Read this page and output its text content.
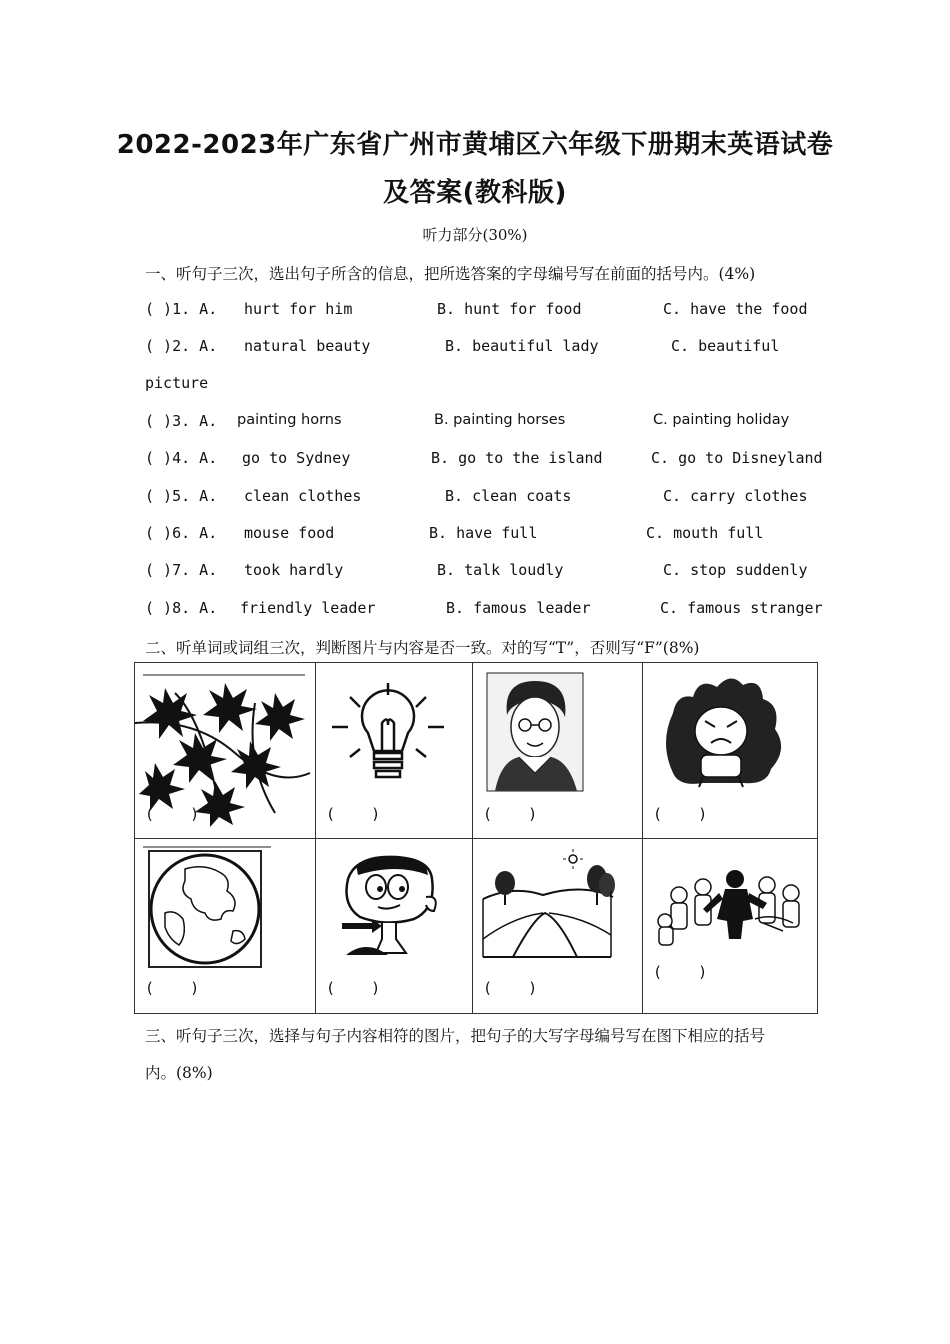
2022-2023年广东省广州市黄埔区六年级下册期末英语试卷
及答案(教科版)
听力部分(30%)
一、听句子三次，选出句子所含的信息，把所选答案的字母编号写在前面的括号内。(4%)
( )1. A. hurt for him	B. hunt for food	C. have the food
( )2. A. natural beauty	B. beautiful lady	C. beautiful
picture
( )3. A. painting horns	B. painting horses	C. painting holiday
( )4. A. go to Sydney	B. go to the island	C. go to Disneyland
( )5. A. clean clothes	B. clean coats	C. carry clothes
( )6. A. mouse food	B. have full	C. mouth full
( )7. A. took hardly	B. talk loudly	C. stop suddenly
( )8. A. friendly leader	B. famous leader	C. famous stranger
二、听单词或词组三次，判断图片与内容是否一致。对的写“T”，否则写“F”(8%)
(    )	(    )	(    )	(    )

(    )	(    )	(    )	(    )
三、听句子三次，选择与句子内容相符的图片，把句子的大写字母编号写在图下相应的括号
内。(8%)
